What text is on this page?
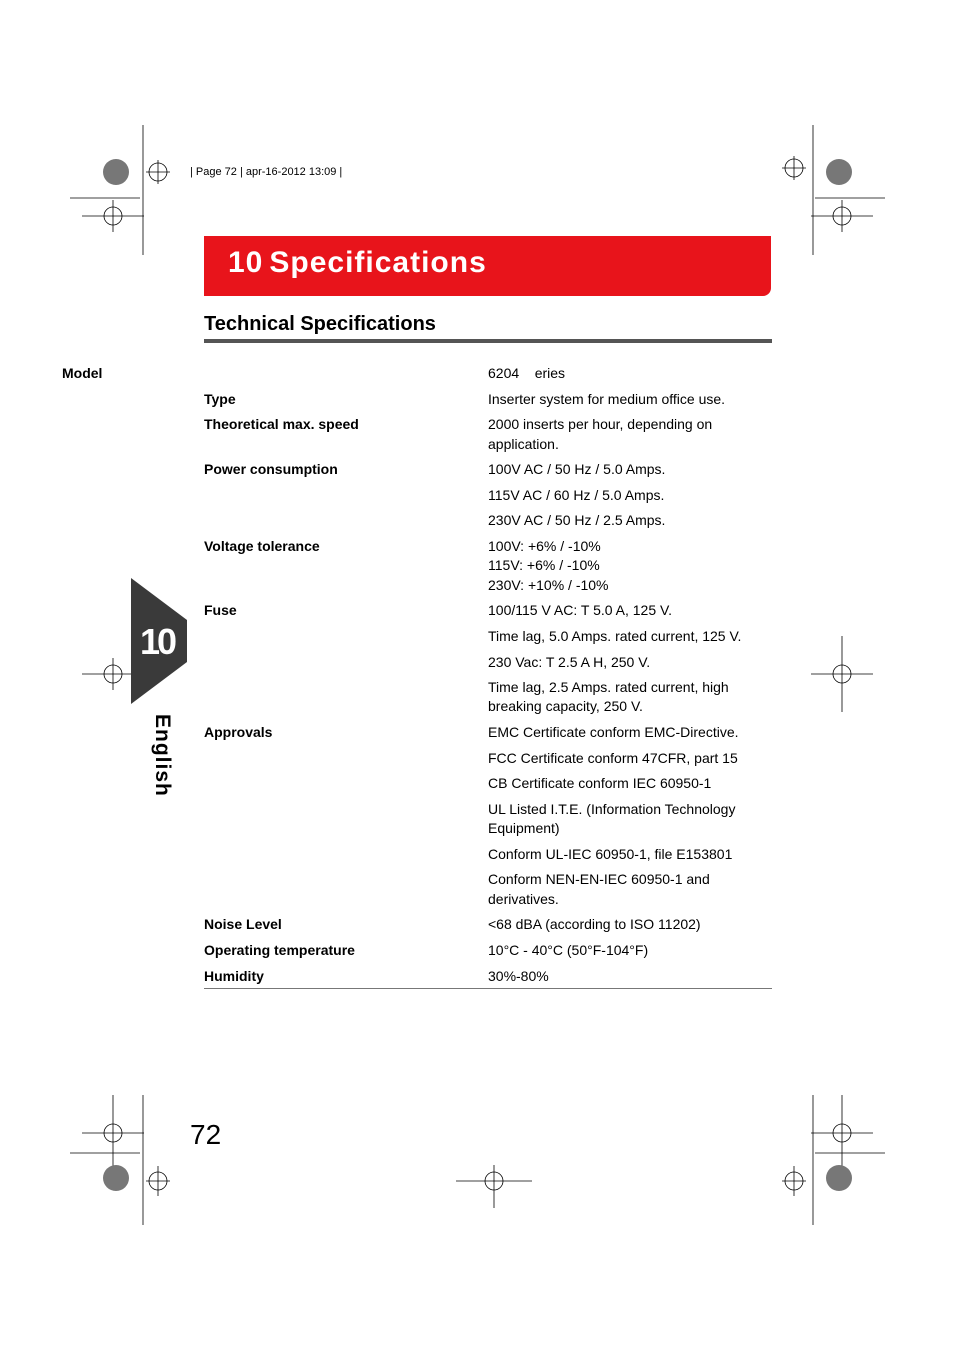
| Page 72 | apr-16-2012 13:09 |
10 Specifications
Technical Specifications
10
English
Model	6204    eries
Type	Inserter system for medium office use.
Theoretical max. speed	2000 inserts per hour, depending on
application.
Power consumption	100V AC / 50 Hz / 5.0 Amps.
115V AC / 60 Hz / 5.0 Amps.
230V AC / 50 Hz / 2.5 Amps.
Voltage tolerance	100V: +6% / -10%
115V: +6% / -10%
230V: +10% / -10%
Fuse	100/115 V AC: T 5.0 A, 125 V.
Time lag, 5.0 Amps. rated current, 125 V.
230 Vac: T 2.5 A H, 250 V.
Time lag, 2.5 Amps. rated current, high
breaking capacity, 250 V.
Approvals	EMC Certificate conform EMC-Directive.
FCC Certificate conform 47CFR, part 15
CB Certificate conform IEC 60950-1
UL Listed I.T.E. (Information Technology
Equipment)
Conform UL-IEC 60950-1, file E153801
Conform NEN-EN-IEC 60950-1 and
derivatives.
Noise Level	<68 dBA (according to ISO 11202)
Operating temperature	10°C - 40°C (50°F-104°F)
Humidity	30%-80%
72
